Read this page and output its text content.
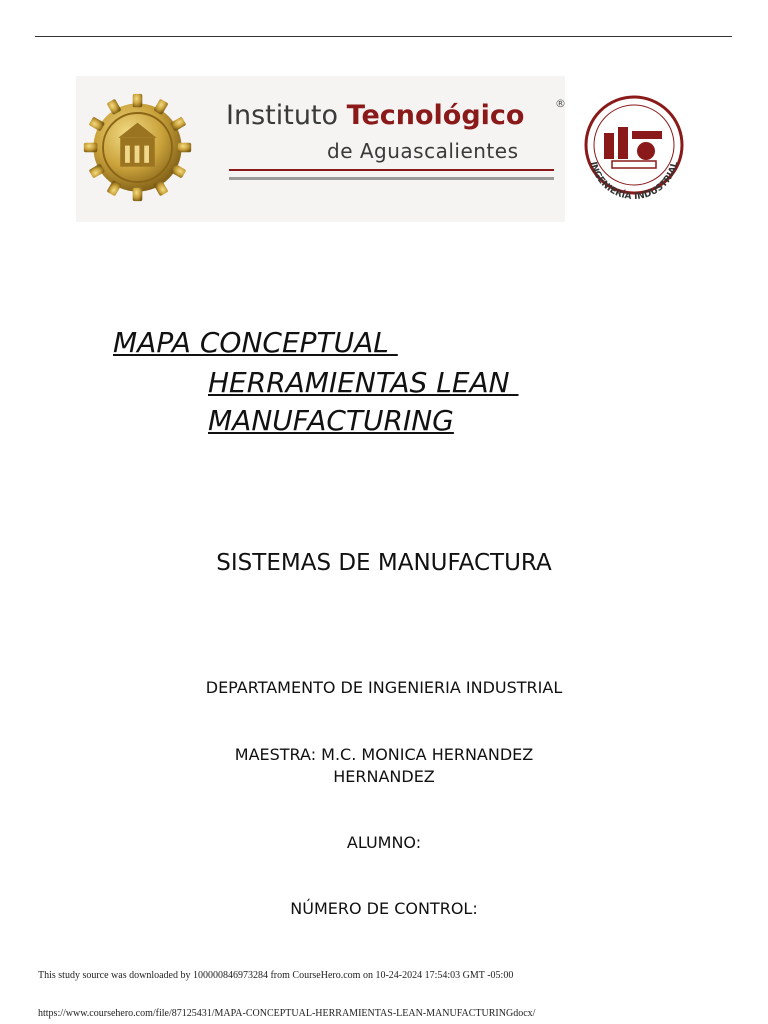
Instituto Tecnológico	®
de Aguascalientes
INGENIERÍA INDUSTRIAL
MAPA CONCEPTUAL
HERRAMIENTAS LEAN
MANUFACTURING
SISTEMAS DE MANUFACTURA
DEPARTAMENTO DE INGENIERIA INDUSTRIAL
MAESTRA: M.C. MONICA HERNANDEZ
HERNANDEZ
ALUMNO:
NÚMERO DE CONTROL:
This study source was downloaded by 100000846973284 from CourseHero.com on 10-24-2024 17:54:03 GMT -05:00
https://www.coursehero.com/file/87125431/MAPA-CONCEPTUAL-HERRAMIENTAS-LEAN-MANUFACTURINGdocx/
